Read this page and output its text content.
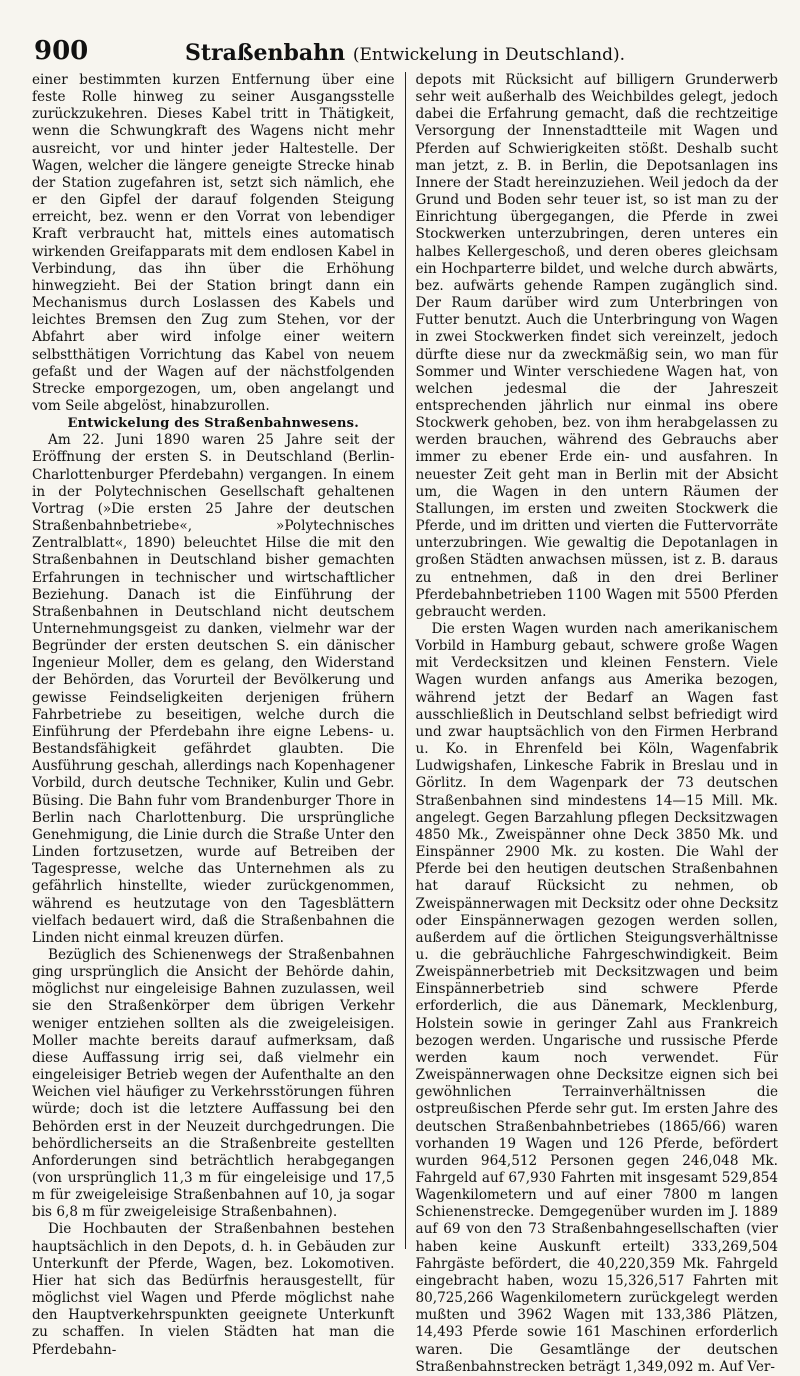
900	Straßenbahn (Entwickelung in Deutschland).

einer bestimmten kurzen Entfernung über eine feste Rolle hinweg zu seiner Ausgangsstelle zurückzukehren. Dieses Kabel tritt in Thätigkeit, wenn die Schwungkraft des Wagens nicht mehr ausreicht, vor und hinter jeder Haltestelle. Der Wagen, welcher die längere geneigte Strecke hinab der Station zugefahren ist, setzt sich nämlich, ehe er den Gipfel der darauf folgenden Steigung erreicht, bez. wenn er den Vorrat von lebendiger Kraft verbraucht hat, mittels eines automatisch wirkenden Greifapparats mit dem endlosen Kabel in Verbindung, das ihn über die Erhöhung hinwegzieht. Bei der Station bringt dann ein Mechanismus durch Loslassen des Kabels und leichtes Bremsen den Zug zum Stehen, vor der Abfahrt aber wird infolge einer weitern selbstthätigen Vorrichtung das Kabel von neuem gefaßt und der Wagen auf der nächstfolgenden Strecke emporgezogen, um, oben angelangt und vom Seile abgelöst, hinabzurollen.

Entwickelung des Straßenbahnwesens.

Am 22. Juni 1890 waren 25 Jahre seit der Eröffnung der ersten S. in Deutschland (Berlin-Charlottenburger Pferdebahn) vergangen. In einem in der Polytechnischen Gesellschaft gehaltenen Vortrag (»Die ersten 25 Jahre der deutschen Straßenbahnbetriebe«, »Polytechnisches Zentralblatt«, 1890) beleuchtet Hilse die mit den Straßenbahnen in Deutschland bisher gemachten Erfahrungen in technischer und wirtschaftlicher Beziehung. Danach ist die Einführung der Straßenbahnen in Deutschland nicht deutschem Unternehmungsgeist zu danken, vielmehr war der Begründer der ersten deutschen S. ein dänischer Ingenieur Moller, dem es gelang, den Widerstand der Behörden, das Vorurteil der Bevölkerung und gewisse Feindseligkeiten derjenigen frühern Fahrbetriebe zu beseitigen, welche durch die Einführung der Pferdebahn ihre eigne Lebens- u. Bestandsfähigkeit gefährdet glaubten. Die Ausführung geschah, allerdings nach Kopenhagener Vorbild, durch deutsche Techniker, Kulin und Gebr. Büsing. Die Bahn fuhr vom Brandenburger Thore in Berlin nach Charlottenburg. Die ursprüngliche Genehmigung, die Linie durch die Straße Unter den Linden fortzusetzen, wurde auf Betreiben der Tagespresse, welche das Unternehmen als zu gefährlich hinstellte, wieder zurückgenommen, während es heutzutage von den Tagesblättern vielfach bedauert wird, daß die Straßenbahnen die Linden nicht einmal kreuzen dürfen.

Bezüglich des Schienenwegs der Straßenbahnen ging ursprünglich die Ansicht der Behörde dahin, möglichst nur eingeleisige Bahnen zuzulassen, weil sie den Straßenkörper dem übrigen Verkehr weniger entziehen sollten als die zweigeleisigen. Moller machte bereits darauf aufmerksam, daß diese Auffassung irrig sei, daß vielmehr ein eingeleisiger Betrieb wegen der Aufenthalte an den Weichen viel häufiger zu Verkehrsstörungen führen würde; doch ist die letztere Auffassung bei den Behörden erst in der Neuzeit durchgedrungen. Die behördlicherseits an die Straßenbreite gestellten Anforderungen sind beträchtlich herabgegangen (von ursprünglich 11,3 m für eingeleisige und 17,5 m für zweigeleisige Straßenbahnen auf 10, ja sogar bis 6,8 m für zweigeleisige Straßenbahnen).

Die Hochbauten der Straßenbahnen bestehen hauptsächlich in den Depots, d. h. in Gebäuden zur Unterkunft der Pferde, Wagen, bez. Lokomotiven. Hier hat sich das Bedürfnis herausgestellt, für möglichst viel Wagen und Pferde möglichst nahe den Hauptverkehrspunkten geeignete Unterkunft zu schaffen. In vielen Städten hat man die Pferdebahn-

depots mit Rücksicht auf billigern Grunderwerb sehr weit außerhalb des Weichbildes gelegt, jedoch dabei die Erfahrung gemacht, daß die rechtzeitige Versorgung der Innenstadtteile mit Wagen und Pferden auf Schwierigkeiten stößt. Deshalb sucht man jetzt, z. B. in Berlin, die Depotsanlagen ins Innere der Stadt hereinzuziehen. Weil jedoch da der Grund und Boden sehr teuer ist, so ist man zu der Einrichtung übergegangen, die Pferde in zwei Stockwerken unterzubringen, deren unteres ein halbes Kellergeschoß, und deren oberes gleichsam ein Hochparterre bildet, und welche durch abwärts, bez. aufwärts gehende Rampen zugänglich sind. Der Raum darüber wird zum Unterbringen von Futter benutzt. Auch die Unterbringung von Wagen in zwei Stockwerken findet sich vereinzelt, jedoch dürfte diese nur da zweckmäßig sein, wo man für Sommer und Winter verschiedene Wagen hat, von welchen jedesmal die der Jahreszeit entsprechenden jährlich nur einmal ins obere Stockwerk gehoben, bez. von ihm herabgelassen zu werden brauchen, während des Gebrauchs aber immer zu ebener Erde ein- und ausfahren. In neuester Zeit geht man in Berlin mit der Absicht um, die Wagen in den untern Räumen der Stallungen, im ersten und zweiten Stockwerk die Pferde, und im dritten und vierten die Futtervorräte unterzubringen. Wie gewaltig die Depotanlagen in großen Städten anwachsen müssen, ist z. B. daraus zu entnehmen, daß in den drei Berliner Pferdebahnbetrieben 1100 Wagen mit 5500 Pferden gebraucht werden.

Die ersten Wagen wurden nach amerikanischem Vorbild in Hamburg gebaut, schwere große Wagen mit Verdecksitzen und kleinen Fenstern. Viele Wagen wurden anfangs aus Amerika bezogen, während jetzt der Bedarf an Wagen fast ausschließlich in Deutschland selbst befriedigt wird und zwar hauptsächlich von den Firmen Herbrand u. Ko. in Ehrenfeld bei Köln, Wagenfabrik Ludwigshafen, Linkesche Fabrik in Breslau und in Görlitz. In dem Wagenpark der 73 deutschen Straßenbahnen sind mindestens 14—15 Mill. Mk. angelegt. Gegen Barzahlung pflegen Decksitzwagen 4850 Mk., Zweispänner ohne Deck 3850 Mk. und Einspänner 2900 Mk. zu kosten. Die Wahl der Pferde bei den heutigen deutschen Straßenbahnen hat darauf Rücksicht zu nehmen, ob Zweispännerwagen mit Decksitz oder ohne Decksitz oder Einspännerwagen gezogen werden sollen, außerdem auf die örtlichen Steigungsverhältnisse u. die gebräuchliche Fahrgeschwindigkeit. Beim Zweispännerbetrieb mit Decksitzwagen und beim Einspännerbetrieb sind schwere Pferde erforderlich, die aus Dänemark, Mecklenburg, Holstein sowie in geringer Zahl aus Frankreich bezogen werden. Ungarische und russische Pferde werden kaum noch verwendet. Für Zweispännerwagen ohne Decksitze eignen sich bei gewöhnlichen Terrainverhältnissen die ostpreußischen Pferde sehr gut. Im ersten Jahre des deutschen Straßenbahnbetriebes (1865/66) waren vorhanden 19 Wagen und 126 Pferde, befördert wurden 964,512 Personen gegen 246,048 Mk. Fahrgeld auf 67,930 Fahrten mit insgesamt 529,854 Wagenkilometern und auf einer 7800 m langen Schienenstrecke. Demgegenüber wurden im J. 1889 auf 69 von den 73 Straßenbahngesellschaften (vier haben keine Auskunft erteilt) 333,269,504 Fahrgäste befördert, die 40,220,359 Mk. Fahrgeld eingebracht haben, wozu 15,326,517 Fahrten mit 80,725,266 Wagenkilometern zurückgelegt werden mußten und 3962 Wagen mit 133,386 Plätzen, 14,493 Pferde sowie 161 Maschinen erforderlich waren. Die Gesamtlänge der deutschen Straßenbahnstrecken beträgt 1,349,092 m. Auf Ver-
